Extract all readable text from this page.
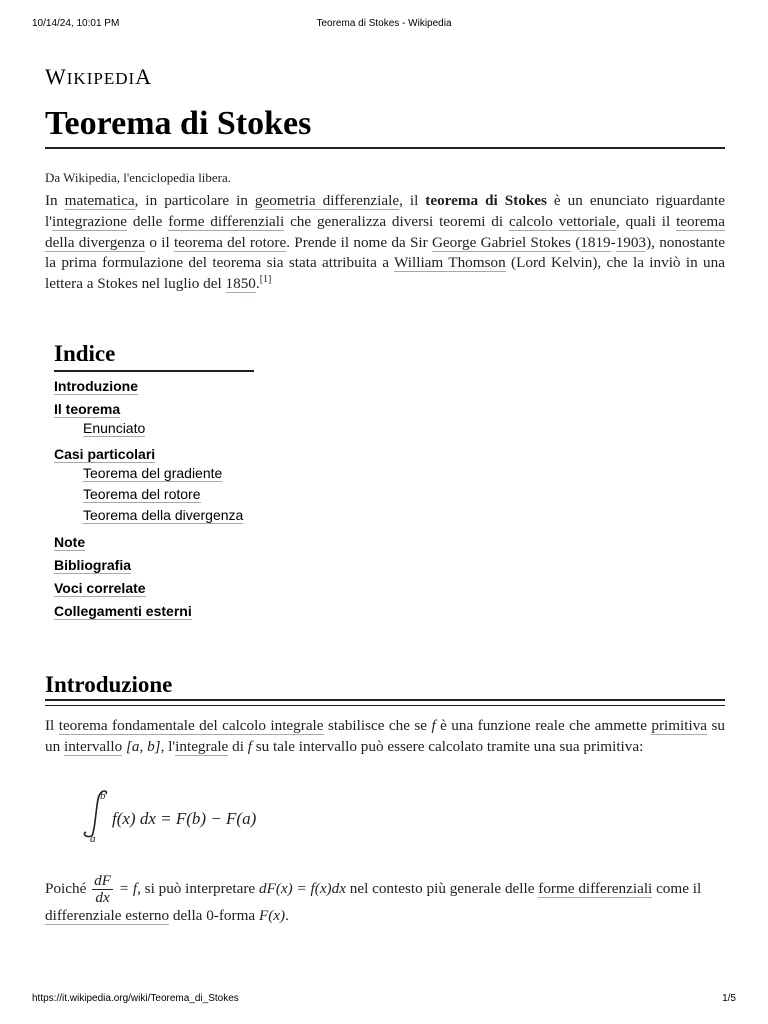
10/14/24, 10:01 PM	Teorema di Stokes - Wikipedia
WIKIPEDIA
Teorema di Stokes
Da Wikipedia, l'enciclopedia libera.

In matematica, in particolare in geometria differenziale, il teorema di Stokes è un enunciato riguardante l'integrazione delle forme differenziali che generalizza diversi teoremi di calcolo vettoriale, quali il teorema della divergenza o il teorema del rotore. Prende il nome da Sir George Gabriel Stokes (1819-1903), nonostante la prima formulazione del teorema sia stata attribuita a William Thomson (Lord Kelvin), che la inviò in una lettera a Stokes nel luglio del 1850.[1]

Indice
Introduzione
Il teorema
Enunciato
Casi particolari
Teorema del gradiente
Teorema del rotore
Teorema della divergenza
Note
Bibliografia
Voci correlate
Collegamenti esterni
Introduzione

Il teorema fondamentale del calcolo integrale stabilisce che se f è una funzione reale che ammette primitiva su un intervallo [a, b], l'integrale di f su tale intervallo può essere calcolato tramite una sua primitiva:

b
a
f(x) dx = F(b) − F(a)

Poiché $\frac{dF}{dx} = f$, si può interpretare dF(x) = f(x)dx nel contesto più generale delle forme differenziali come il differenziale esterno della 0-forma F(x).

https://it.wikipedia.org/wiki/Teorema_di_Stokes	1/5
